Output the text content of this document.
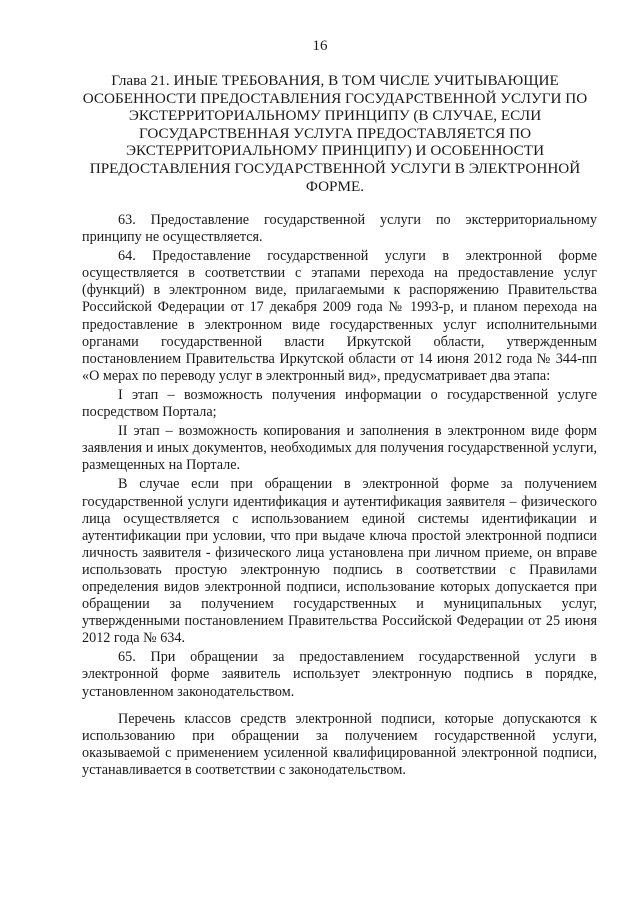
16
Глава 21. ИНЫЕ ТРЕБОВАНИЯ, В ТОМ ЧИСЛЕ УЧИТЫВАЮЩИЕ ОСОБЕННОСТИ ПРЕДОСТАВЛЕНИЯ ГОСУДАРСТВЕННОЙ УСЛУГИ ПО ЭКСТЕРРИТОРИАЛЬНОМУ ПРИНЦИПУ (В СЛУЧАЕ, ЕСЛИ ГОСУДАРСТВЕННАЯ УСЛУГА ПРЕДОСТАВЛЯЕТСЯ ПО ЭКСТЕРРИТОРИАЛЬНОМУ ПРИНЦИПУ) И ОСОБЕННОСТИ ПРЕДОСТАВЛЕНИЯ ГОСУДАРСТВЕННОЙ УСЛУГИ В ЭЛЕКТРОННОЙ ФОРМЕ.

63. Предоставление государственной услуги по экстерриториальному принципу не осуществляется.

64. Предоставление государственной услуги в электронной форме осуществляется в соответствии с этапами перехода на предоставление услуг (функций) в электронном виде, прилагаемыми к распоряжению Правительства Российской Федерации от 17 декабря 2009 года № 1993-р, и планом перехода на предоставление в электронном виде государственных услуг исполнительными органами государственной власти Иркутской области, утвержденным постановлением Правительства Иркутской области от 14 июня 2012 года № 344-пп «О мерах по переводу услуг в электронный вид», предусматривает два этапа:

I этап – возможность получения информации о государственной услуге посредством Портала;

II этап – возможность копирования и заполнения в электронном виде форм заявления и иных документов, необходимых для получения государственной услуги, размещенных на Портале.

В случае если при обращении в электронной форме за получением государственной услуги идентификация и аутентификация заявителя – физического лица осуществляется с использованием единой системы идентификации и аутентификации при условии, что при выдаче ключа простой электронной подписи личность заявителя - физического лица установлена при личном приеме, он вправе использовать простую электронную подпись в соответствии с Правилами определения видов электронной подписи, использование которых допускается при обращении за получением государственных и муниципальных услуг, утвержденными постановлением Правительства Российской Федерации от 25 июня 2012 года № 634.

65. При обращении за предоставлением государственной услуги в электронной форме заявитель использует электронную подпись в порядке, установленном законодательством.

Перечень классов средств электронной подписи, которые допускаются к использованию при обращении за получением государственной услуги, оказываемой с применением усиленной квалифицированной электронной подписи, устанавливается в соответствии с законодательством.
